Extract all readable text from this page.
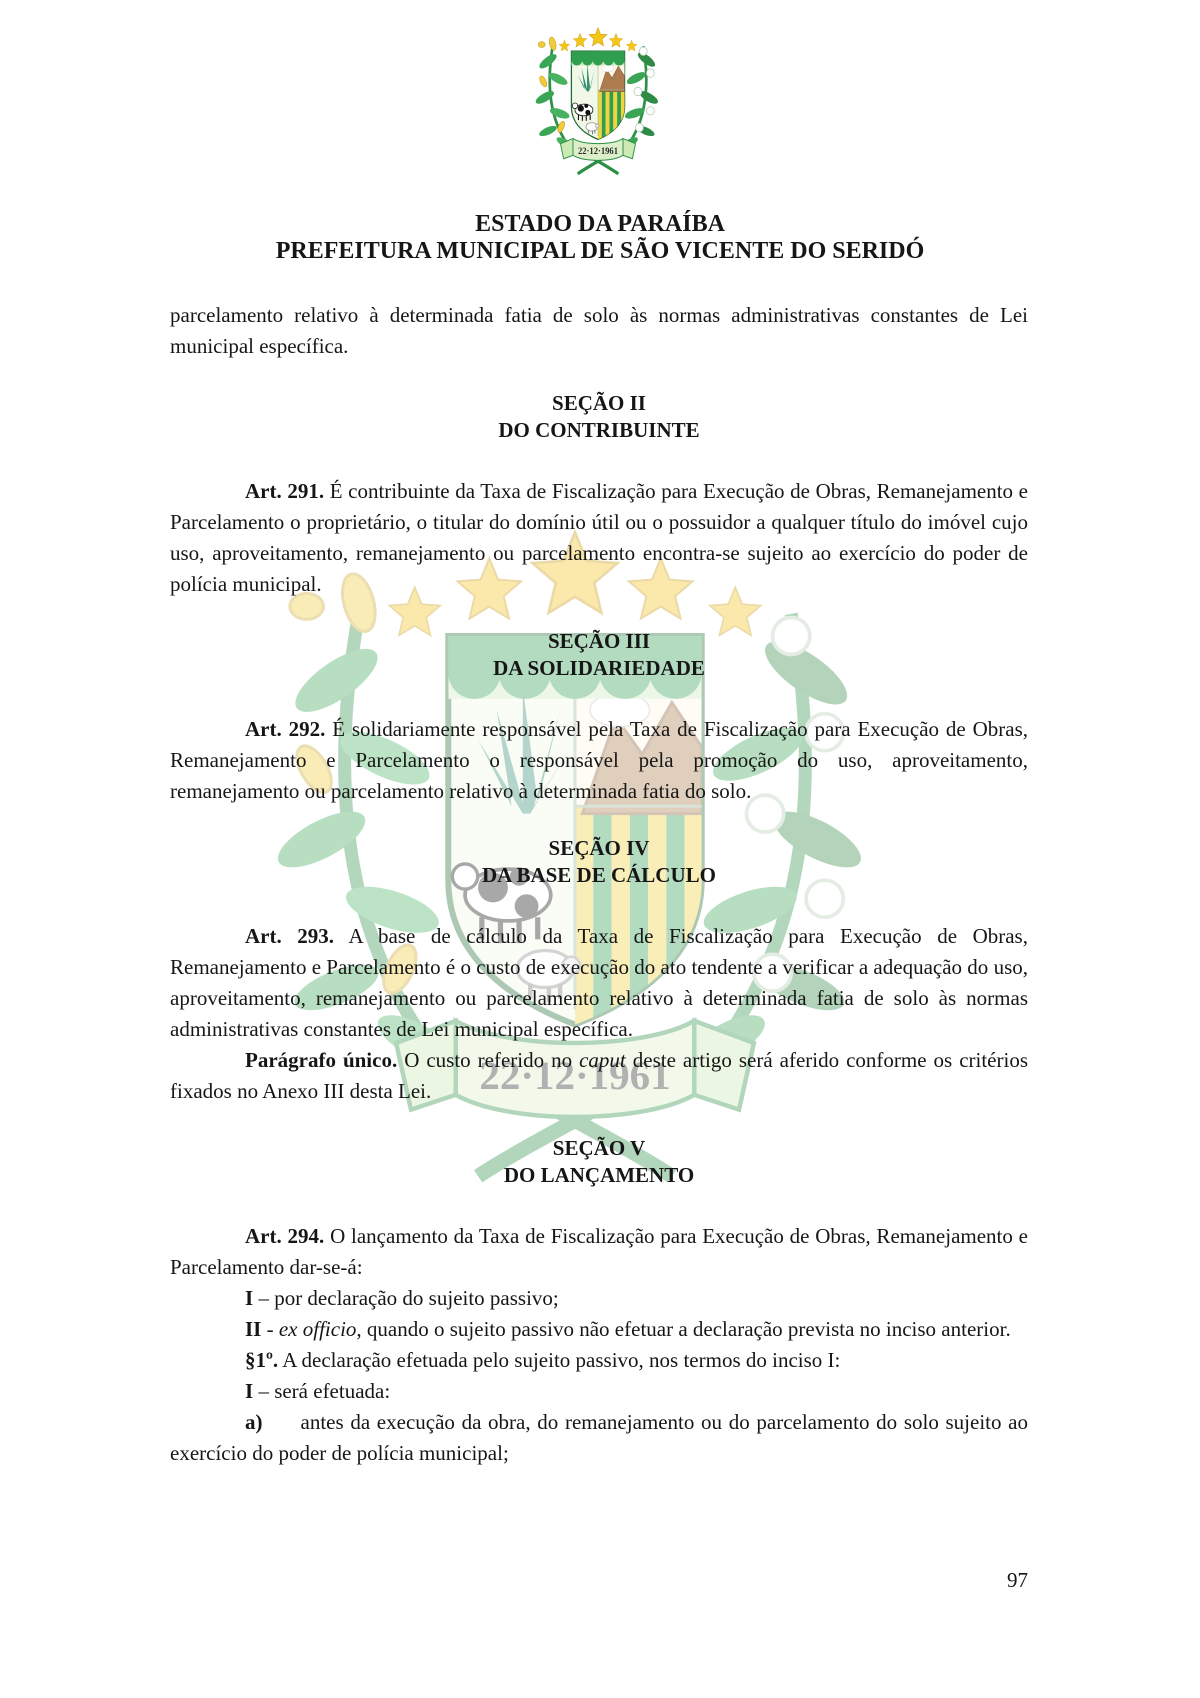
ESTADO DA PARAÍBA
PREFEITURA MUNICIPAL DE SÃO VICENTE DO SERIDÓ

parcelamento relativo à determinada fatia de solo às normas administrativas constantes de Lei municipal específica.

SEÇÃO II
DO CONTRIBUINTE

Art. 291. É contribuinte da Taxa de Fiscalização para Execução de Obras, Remanejamento e Parcelamento o proprietário, o titular do domínio útil ou o possuidor a qualquer título do imóvel cujo uso, aproveitamento, remanejamento ou parcelamento encontra-se sujeito ao exercício do poder de polícia municipal.

SEÇÃO III
DA SOLIDARIEDADE

Art. 292. É solidariamente responsável pela Taxa de Fiscalização para Execução de Obras, Remanejamento e Parcelamento o responsável pela promoção do uso, aproveitamento, remanejamento ou parcelamento relativo à determinada fatia do solo.

SEÇÃO IV
DA BASE DE CÁLCULO

Art. 293. A base de cálculo da Taxa de Fiscalização para Execução de Obras, Remanejamento e Parcelamento é o custo de execução do ato tendente a verificar a adequação do uso, aproveitamento, remanejamento ou parcelamento relativo à determinada fatia de solo às normas administrativas constantes de Lei municipal específica.

Parágrafo único. O custo referido no caput deste artigo será aferido conforme os critérios fixados no Anexo III desta Lei.

SEÇÃO V
DO LANÇAMENTO

Art. 294. O lançamento da Taxa de Fiscalização para Execução de Obras, Remanejamento e Parcelamento dar-se-á:

I – por declaração do sujeito passivo;

II - ex officio, quando o sujeito passivo não efetuar a declaração prevista no inciso anterior.

§1º. A declaração efetuada pelo sujeito passivo, nos termos do inciso I:

I – será efetuada:

a) antes da execução da obra, do remanejamento ou do parcelamento do solo sujeito ao exercício do poder de polícia municipal;

97
